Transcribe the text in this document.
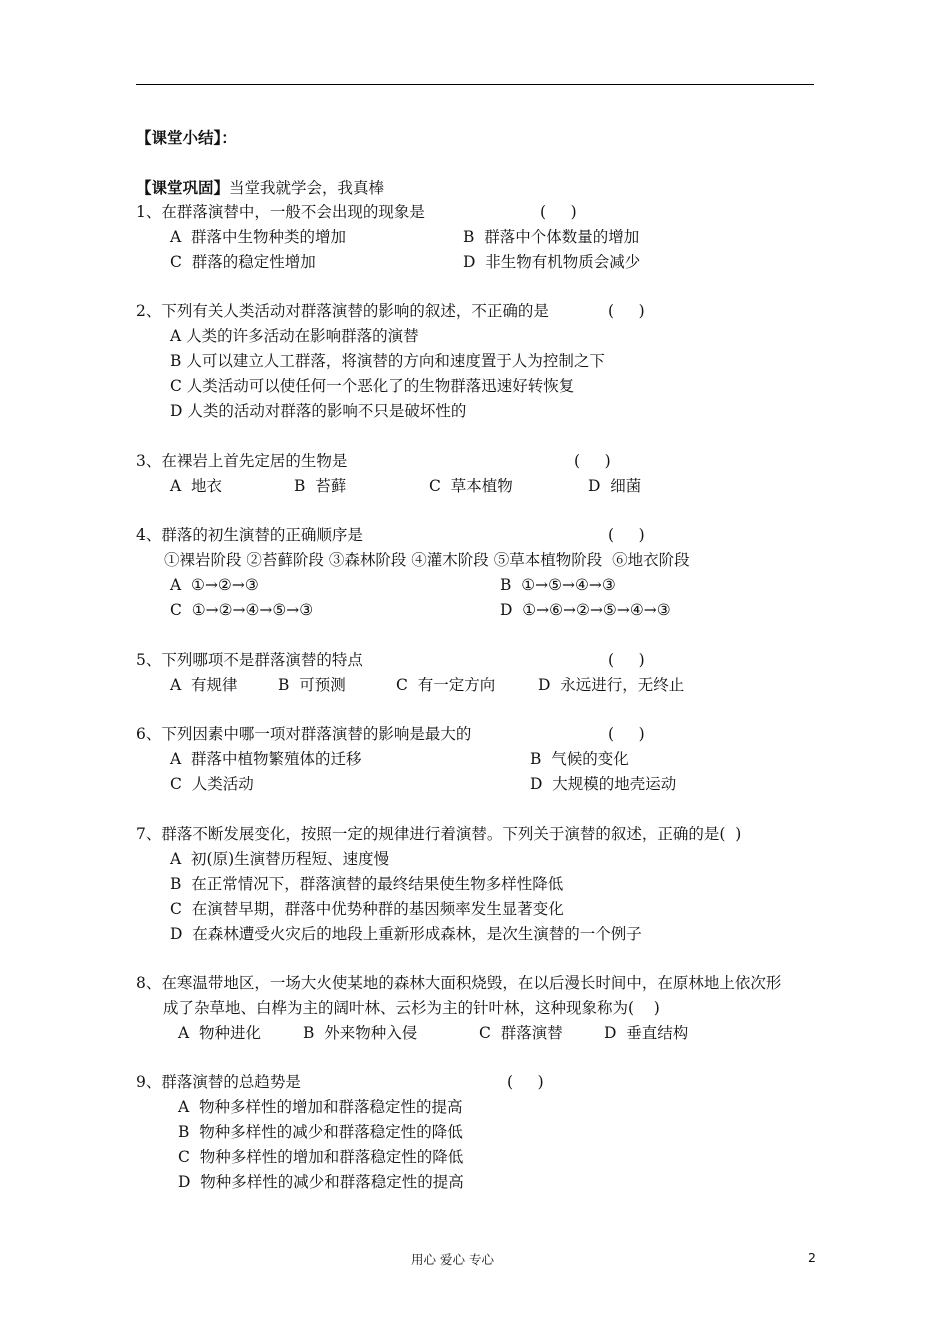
【课堂小结】：
【课堂巩固】当堂我就学会，我真棒
1、在群落演替中，一般不会出现的现象是	(     )
A  群落中生物种类的增加	B  群落中个体数量的增加
C  群落的稳定性增加	D  非生物有机物质会减少
2、下列有关人类活动对群落演替的影响的叙述，不正确的是	(     )
A 人类的许多活动在影响群落的演替
B 人可以建立人工群落，将演替的方向和速度置于人为控制之下
C 人类活动可以使任何一个恶化了的生物群落迅速好转恢复
D 人类的活动对群落的影响不只是破坏性的
3、在裸岩上首先定居的生物是	(     )
A  地衣	B  苔藓	C  草本植物	D  细菌
4、群落的初生演替的正确顺序是	(     )
①裸岩阶段 ②苔藓阶段 ③森林阶段 ④灌木阶段 ⑤草本植物阶段  ⑥地衣阶段
A  ①→②→③	B  ①→⑤→④→③
C  ①→②→④→⑤→③	D  ①→⑥→②→⑤→④→③
5、下列哪项不是群落演替的特点	(     )
A  有规律	B  可预测	C  有一定方向	D  永远进行，无终止
6、下列因素中哪一项对群落演替的影响是最大的	(     )
A  群落中植物繁殖体的迁移	B  气候的变化
C  人类活动	D  大规模的地壳运动
7、群落不断发展变化，按照一定的规律进行着演替。下列关于演替的叙述，正确的是(  )
A  初(原)生演替历程短、速度慢
B  在正常情况下，群落演替的最终结果使生物多样性降低
C  在演替早期，群落中优势种群的基因频率发生显著变化
D  在森林遭受火灾后的地段上重新形成森林，是次生演替的一个例子
8、在寒温带地区，一场大火使某地的森林大面积烧毁，在以后漫长时间中，在原林地上依次形
成了杂草地、白桦为主的阔叶林、云杉为主的针叶林，这种现象称为(    )
A  物种进化	B  外来物种入侵	C  群落演替	D  垂直结构
9、群落演替的总趋势是	(     )
A  物种多样性的增加和群落稳定性的提高
B  物种多样性的减少和群落稳定性的降低
C  物种多样性的增加和群落稳定性的降低
D  物种多样性的减少和群落稳定性的提高
用心 爱心 专心	2
